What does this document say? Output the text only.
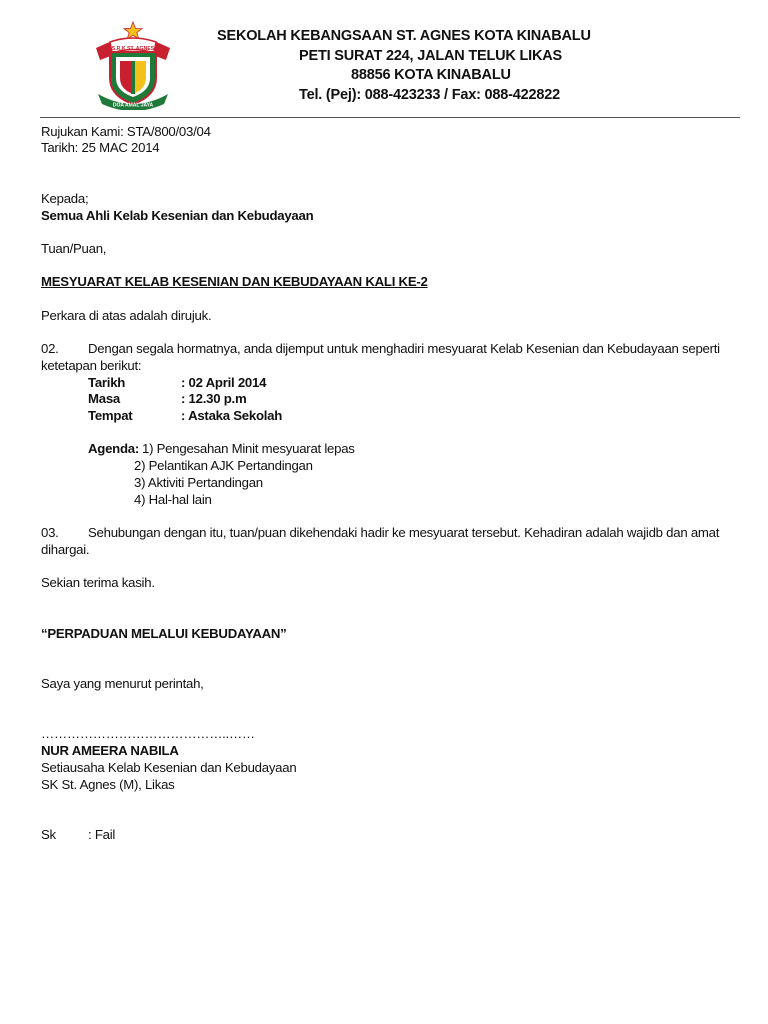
S.R.K ST. AGNES
DOA AMAL JAYA
SEKOLAH KEBANGSAAN ST. AGNES KOTA KINABALU
PETI SURAT 224, JALAN TELUK LIKAS
88856 KOTA KINABALU
Tel. (Pej): 088-423233 / Fax: 088-422822
Rujukan Kami: STA/800/03/04
Tarikh: 25 MAC 2014
Kepada;
Semua Ahli Kelab Kesenian dan Kebudayaan
Tuan/Puan,
MESYUARAT KELAB KESENIAN DAN KEBUDAYAAN KALI KE-2
Perkara di atas adalah dirujuk.
02. Dengan segala hormatnya, anda dijemput untuk menghadiri mesyuarat Kelab Kesenian dan Kebudayaan seperti
ketetapan berikut:
Tarikh	: 02 April 2014
Masa	: 12.30 p.m
Tempat	: Astaka Sekolah
Agenda: 1) Pengesahan Minit mesyuarat lepas
2) Pelantikan AJK Pertandingan
3) Aktiviti Pertandingan
4) Hal-hal lain
03. Sehubungan dengan itu, tuan/puan dikehendaki hadir ke mesyuarat tersebut. Kehadiran adalah wajidb dan amat
dihargai.
Sekian terima kasih.
“PERPADUAN MELALUI KEBUDAYAAN”
Saya yang menurut perintah,
……………………………………..……
NUR AMEERA NABILA
Setiausaha Kelab Kesenian dan Kebudayaan
SK St. Agnes (M), Likas
Sk : Fail
